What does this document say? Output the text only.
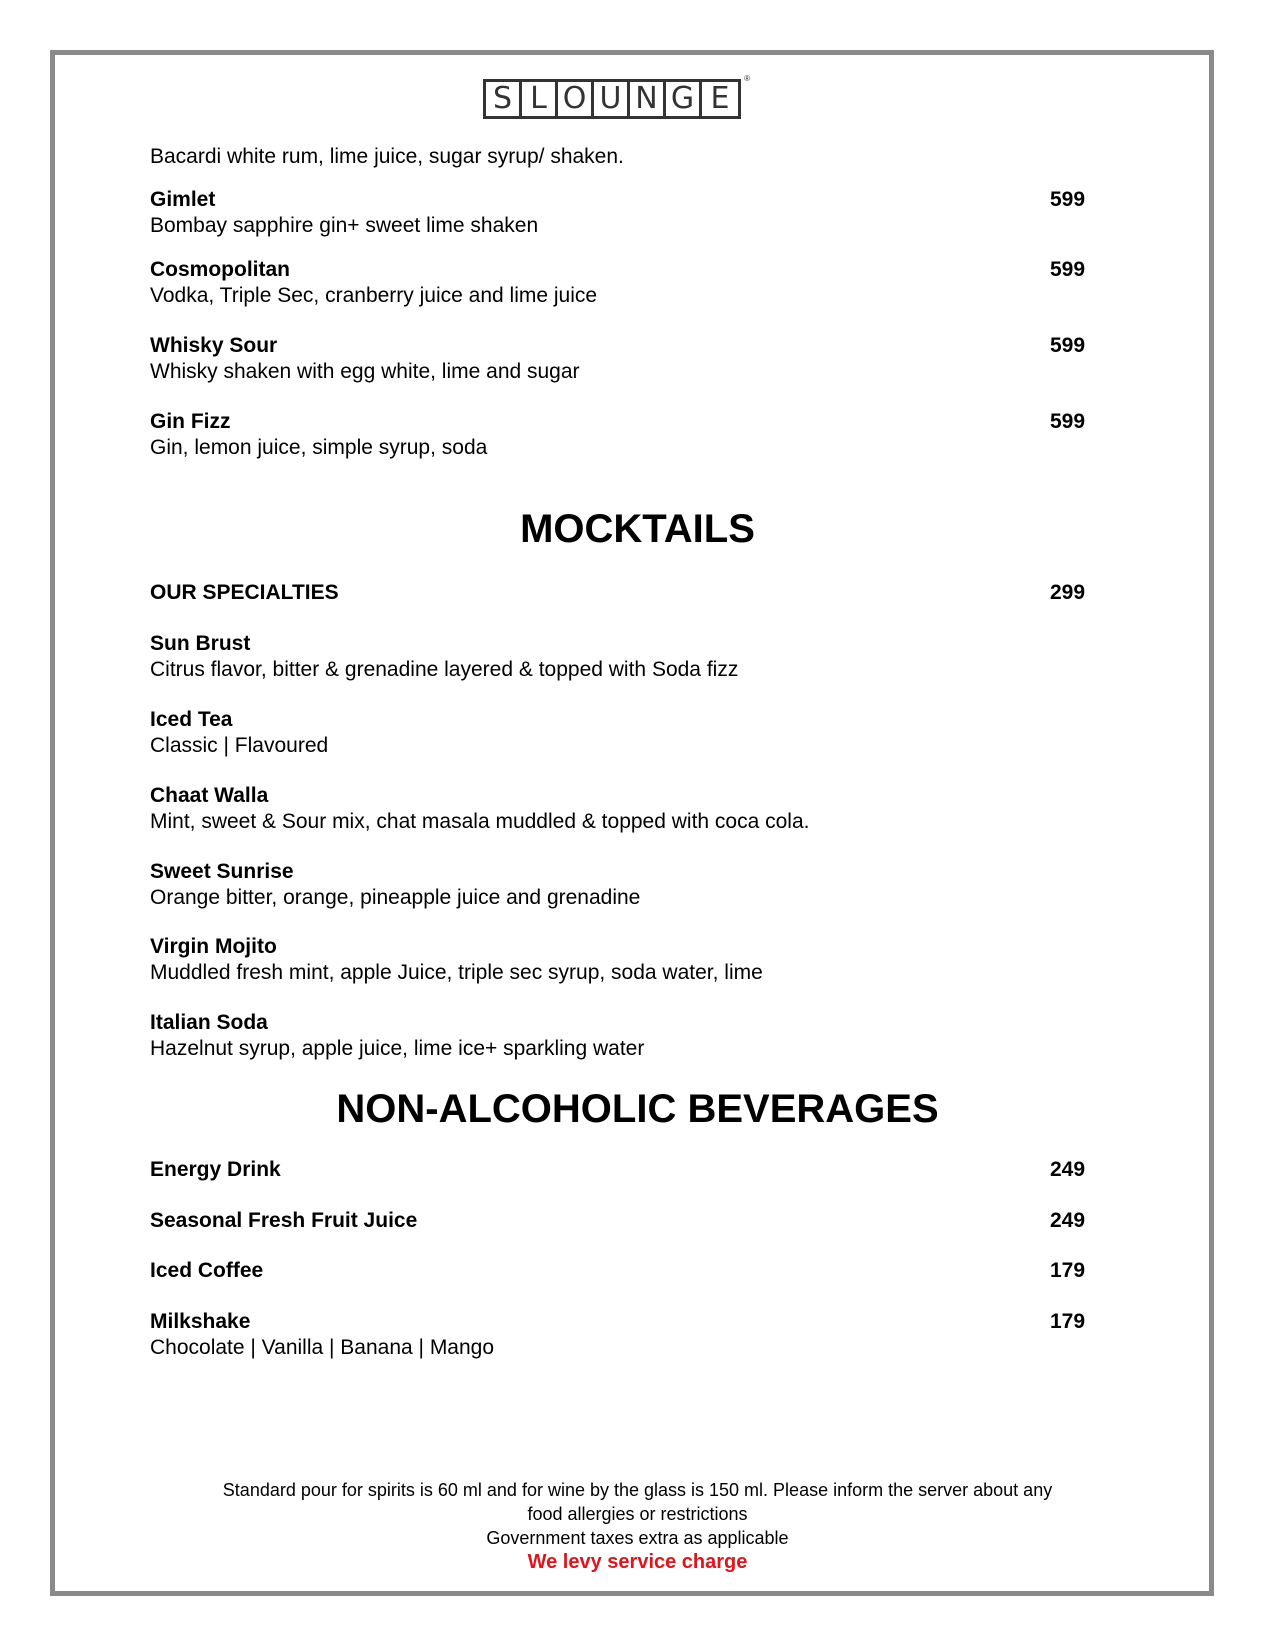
S L O U N G E
®
Bacardi white rum, lime juice, sugar syrup/ shaken.
Gimlet	599
Bombay sapphire gin+ sweet lime shaken
Cosmopolitan	599
Vodka, Triple Sec, cranberry juice and lime juice
Whisky Sour	599
Whisky shaken with egg white, lime and sugar
Gin Fizz	599
Gin, lemon juice, simple syrup, soda
MOCKTAILS
OUR SPECIALTIES	299
Sun Brust
Citrus flavor, bitter & grenadine layered & topped with Soda fizz
Iced Tea
Classic | Flavoured
Chaat Walla
Mint, sweet & Sour mix, chat masala muddled & topped with coca cola.
Sweet Sunrise
Orange bitter, orange, pineapple juice and grenadine
Virgin Mojito
Muddled fresh mint, apple Juice, triple sec syrup, soda water, lime
Italian Soda
Hazelnut syrup, apple juice, lime ice+ sparkling water
NON-ALCOHOLIC BEVERAGES
Energy Drink	249
Seasonal Fresh Fruit Juice	249
Iced Coffee	179
Milkshake	179
Chocolate | Vanilla | Banana | Mango
Standard pour for spirits is 60 ml and for wine by the glass is 150 ml. Please inform the server about any
food allergies or restrictions
Government taxes extra as applicable
We levy service charge
